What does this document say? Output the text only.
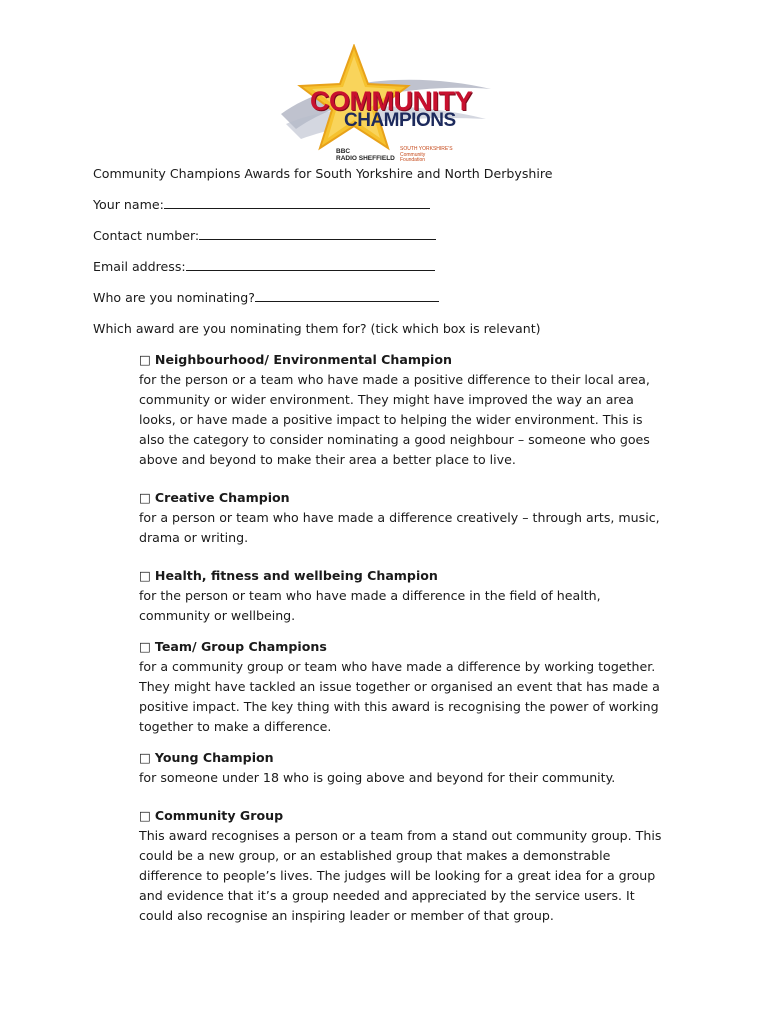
COMMUNITY
CHAMPIONS
BBC
RADIO SHEFFIELD
SOUTH YORKSHIRE'S
Community
Foundation

Community Champions Awards for South Yorkshire and North Derbyshire

Your name:

Contact number:

Email address:

Who are you nominating?

Which award are you nominating them for? (tick which box is relevant)

□ Neighbourhood/ Environmental Champion

for the person or a team who have made a positive difference to their local area, community or wider environment. They might have improved the way an area looks, or have made a positive impact to helping the wider environment. This is also the category to consider nominating a good neighbour – someone who goes above and beyond to make their area a better place to live.

□ Creative Champion

for a person or team who have made a difference creatively – through arts, music, drama or writing.

□ Health, fitness and wellbeing Champion

for the person or team who have made a difference in the field of health, community or wellbeing.

□ Team/ Group Champions

for a community group or team who have made a difference by working together. They might have tackled an issue together or organised an event that has made a positive impact. The key thing with this award is recognising the power of working together to make a difference.

□ Young Champion

for someone under 18 who is going above and beyond for their community.

□ Community Group

This award recognises a person or a team from a stand out community group. This could be a new group, or an established group that makes a demonstrable difference to people’s lives. The judges will be looking for a great idea for a group and evidence that it’s a group needed and appreciated by the service users. It could also recognise an inspiring leader or member of that group.
